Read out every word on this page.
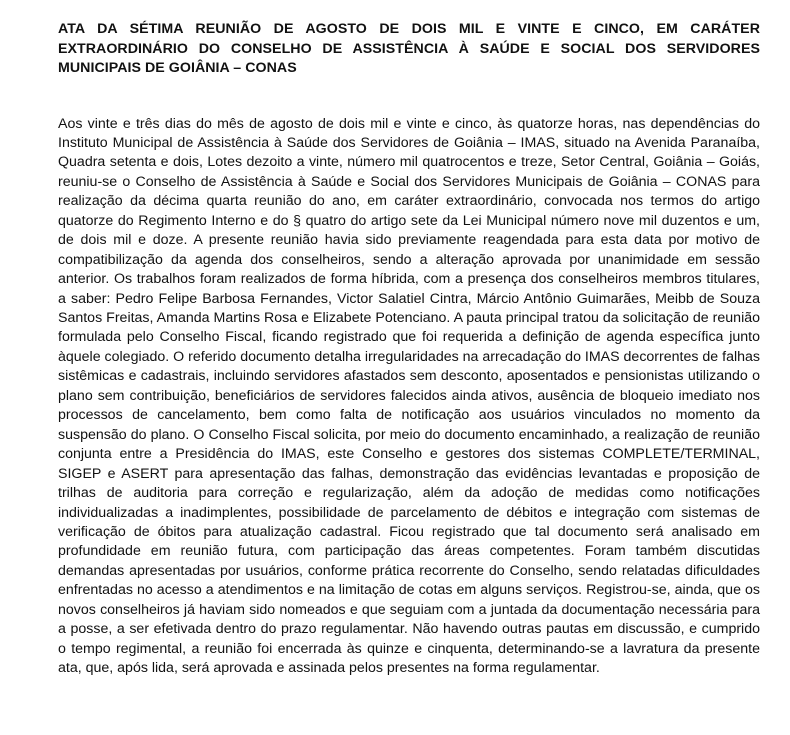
ATA DA SÉTIMA REUNIÃO DE AGOSTO DE DOIS MIL E VINTE E CINCO, EM CARÁTER EXTRAORDINÁRIO DO CONSELHO DE ASSISTÊNCIA À SAÚDE E SOCIAL DOS SERVIDORES MUNICIPAIS DE GOIÂNIA – CONAS

Aos vinte e três dias do mês de agosto de dois mil e vinte e cinco, às quatorze horas, nas dependências do Instituto Municipal de Assistência à Saúde dos Servidores de Goiânia – IMAS, situado na Avenida Paranaíba, Quadra setenta e dois, Lotes dezoito a vinte, número mil quatrocentos e treze, Setor Central, Goiânia – Goiás, reuniu-se o Conselho de Assistência à Saúde e Social dos Servidores Municipais de Goiânia – CONAS para realização da décima quarta reunião do ano, em caráter extraordinário, convocada nos termos do artigo quatorze do Regimento Interno e do § quatro do artigo sete da Lei Municipal número nove mil duzentos e um, de dois mil e doze. A presente reunião havia sido previamente reagendada para esta data por motivo de compatibilização da agenda dos conselheiros, sendo a alteração aprovada por unanimidade em sessão anterior. Os trabalhos foram realizados de forma híbrida, com a presença dos conselheiros membros titulares, a saber: Pedro Felipe Barbosa Fernandes, Victor Salatiel Cintra, Márcio Antônio Guimarães, Meibb de Souza Santos Freitas, Amanda Martins Rosa e Elizabete Potenciano. A pauta principal tratou da solicitação de reunião formulada pelo Conselho Fiscal, ficando registrado que foi requerida a definição de agenda específica junto àquele colegiado. O referido documento detalha irregularidades na arrecadação do IMAS decorrentes de falhas sistêmicas e cadastrais, incluindo servidores afastados sem desconto, aposentados e pensionistas utilizando o plano sem contribuição, beneficiários de servidores falecidos ainda ativos, ausência de bloqueio imediato nos processos de cancelamento, bem como falta de notificação aos usuários vinculados no momento da suspensão do plano. O Conselho Fiscal solicita, por meio do documento encaminhado, a realização de reunião conjunta entre a Presidência do IMAS, este Conselho e gestores dos sistemas COMPLETE/TERMINAL, SIGEP e ASERT para apresentação das falhas, demonstração das evidências levantadas e proposição de trilhas de auditoria para correção e regularização, além da adoção de medidas como notificações individualizadas a inadimplentes, possibilidade de parcelamento de débitos e integração com sistemas de verificação de óbitos para atualização cadastral. Ficou registrado que tal documento será analisado em profundidade em reunião futura, com participação das áreas competentes. Foram também discutidas demandas apresentadas por usuários, conforme prática recorrente do Conselho, sendo relatadas dificuldades enfrentadas no acesso a atendimentos e na limitação de cotas em alguns serviços. Registrou-se, ainda, que os novos conselheiros já haviam sido nomeados e que seguiam com a juntada da documentação necessária para a posse, a ser efetivada dentro do prazo regulamentar. Não havendo outras pautas em discussão, e cumprido o tempo regimental, a reunião foi encerrada às quinze e cinquenta, determinando-se a lavratura da presente ata, que, após lida, será aprovada e assinada pelos presentes na forma regulamentar.
